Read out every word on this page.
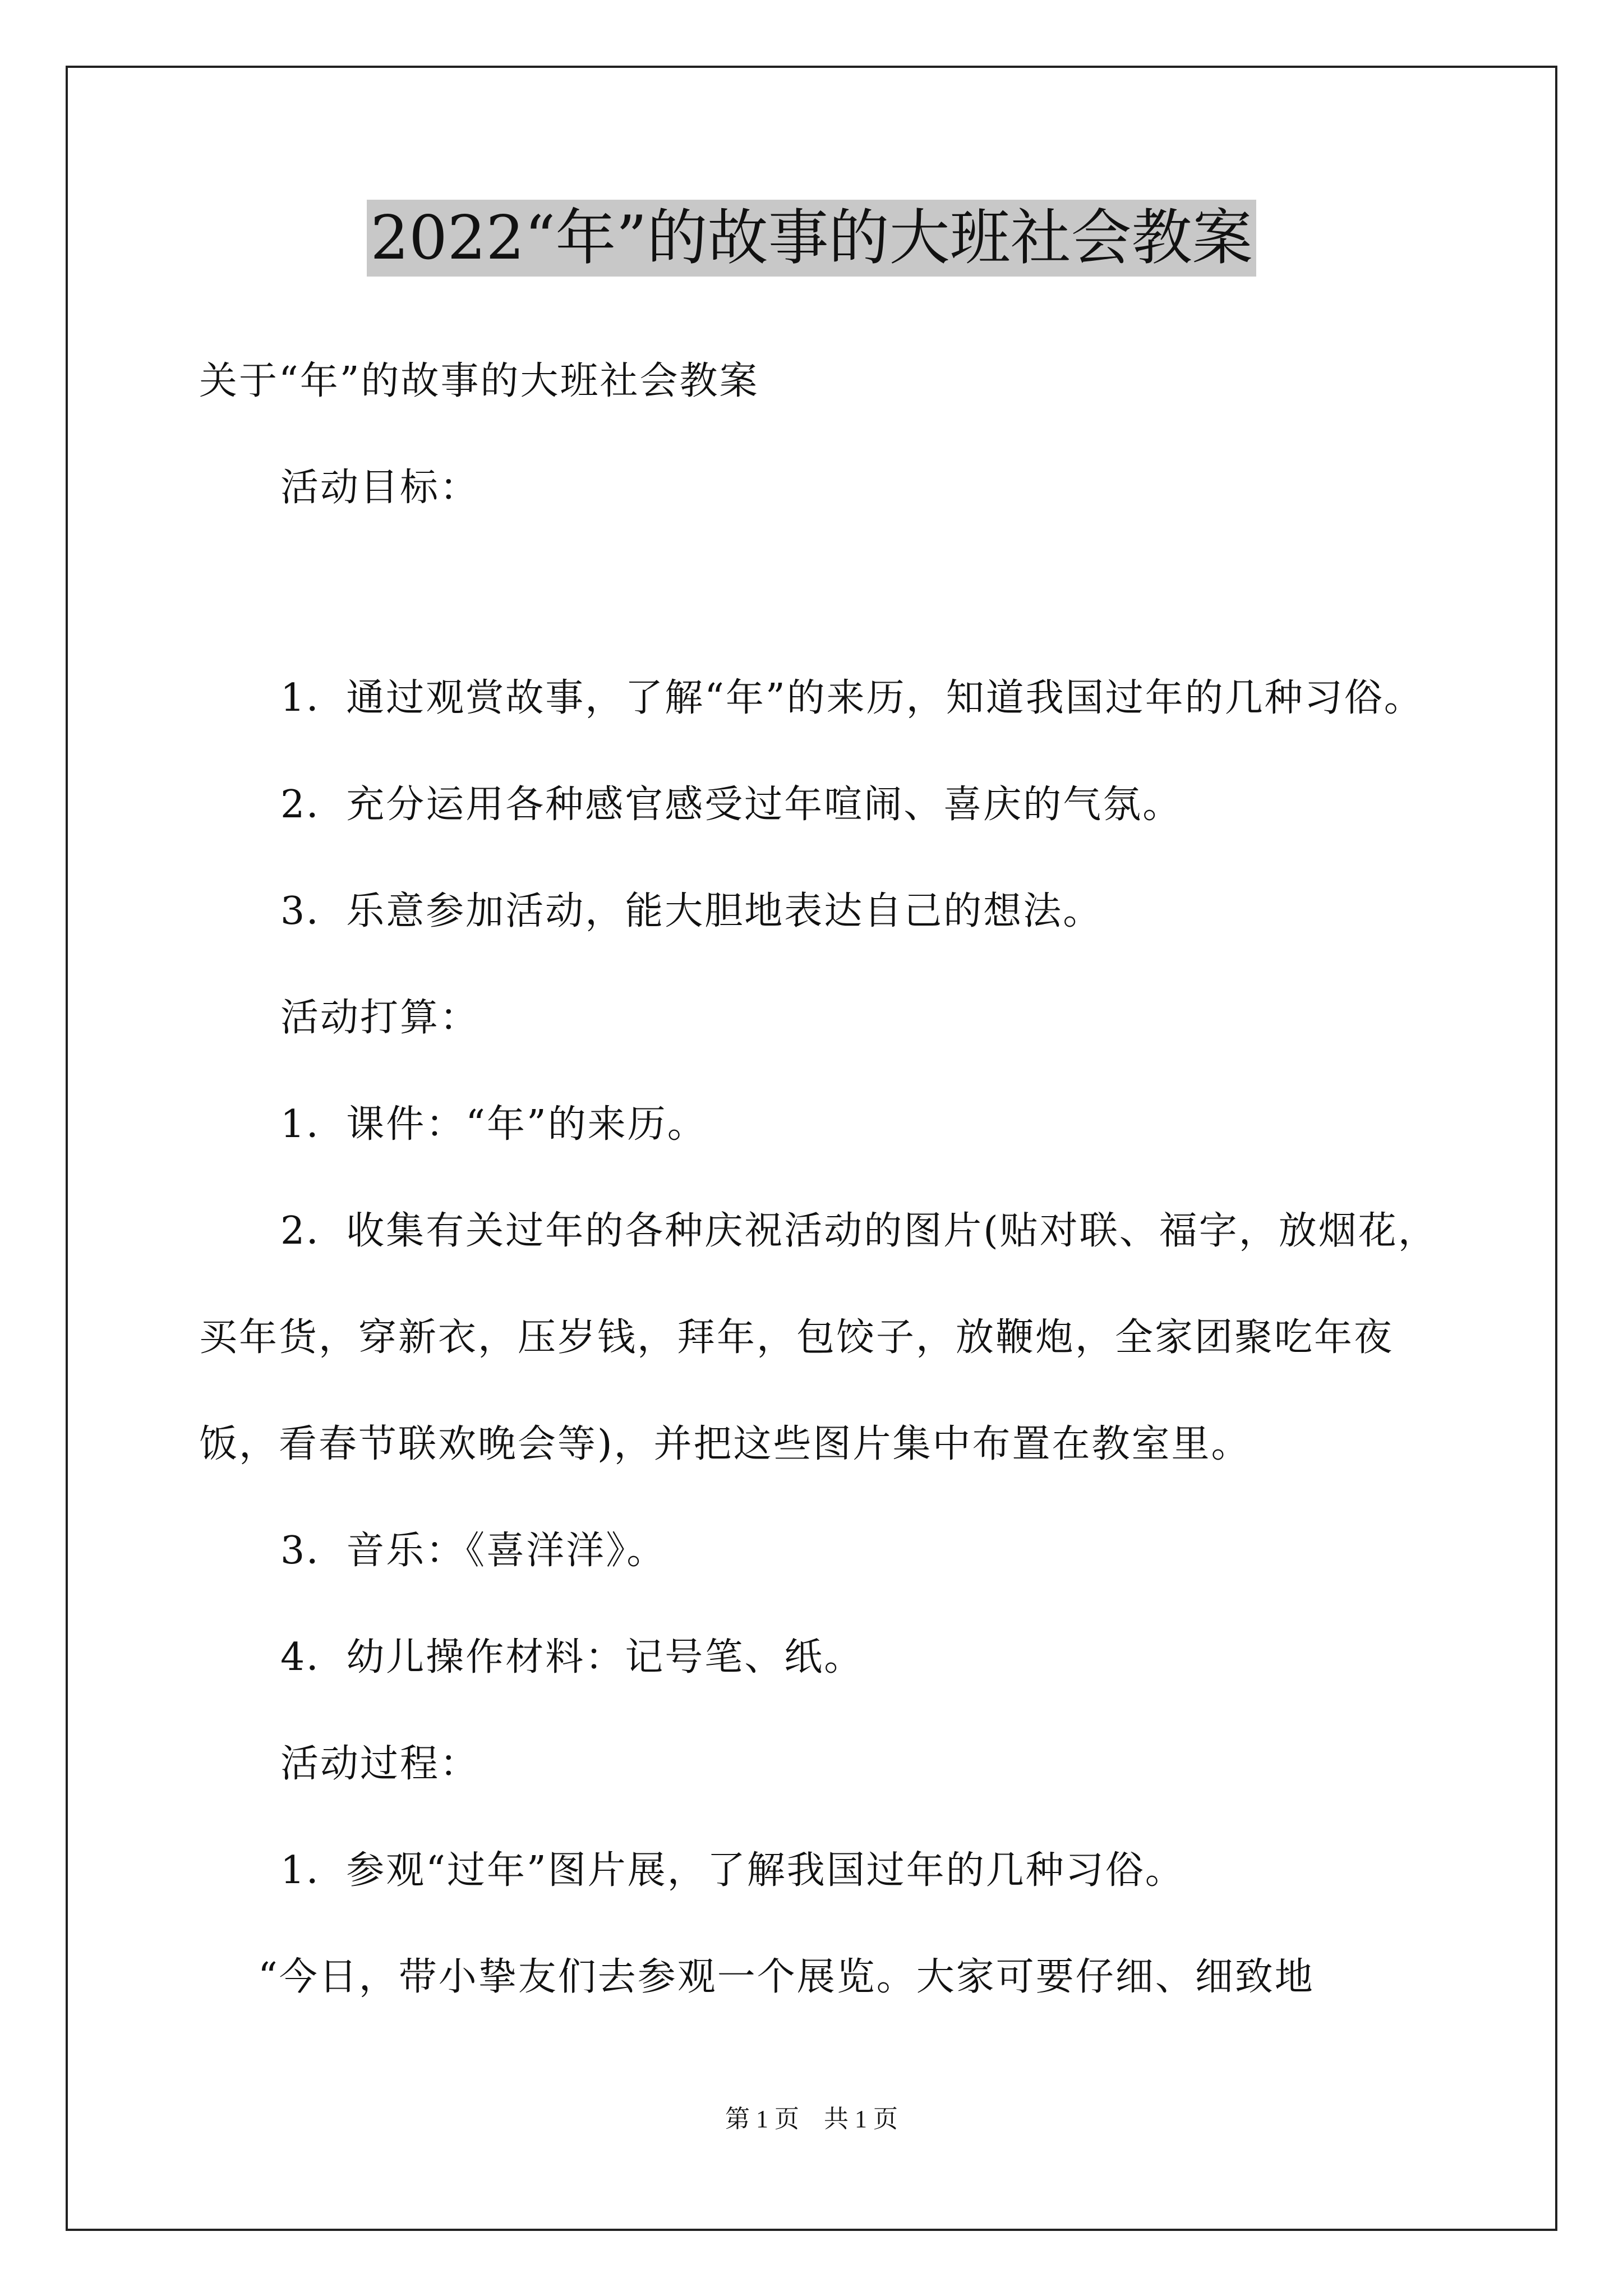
2022“年”的故事的大班社会教案

关于“年”的故事的大班社会教案

活动目标：

1．通过观赏故事，了解“年”的来历，知道我国过年的几种习俗。

2．充分运用各种感官感受过年喧闹、喜庆的气氛。

3．乐意参加活动，能大胆地表达自己的想法。

活动打算：

1．课件：“年”的来历。

2．收集有关过年的各种庆祝活动的图片(贴对联、福字，放烟花，

买年货，穿新衣，压岁钱，拜年，包饺子，放鞭炮，全家团聚吃年夜

饭，看春节联欢晚会等)，并把这些图片集中布置在教室里。

3．音乐：《喜洋洋》。

4．幼儿操作材料：记号笔、纸。

活动过程：

1．参观“过年”图片展，了解我国过年的几种习俗。

“今日，带小挚友们去参观一个展览。大家可要仔细、细致地

第 1 页　共 1 页
